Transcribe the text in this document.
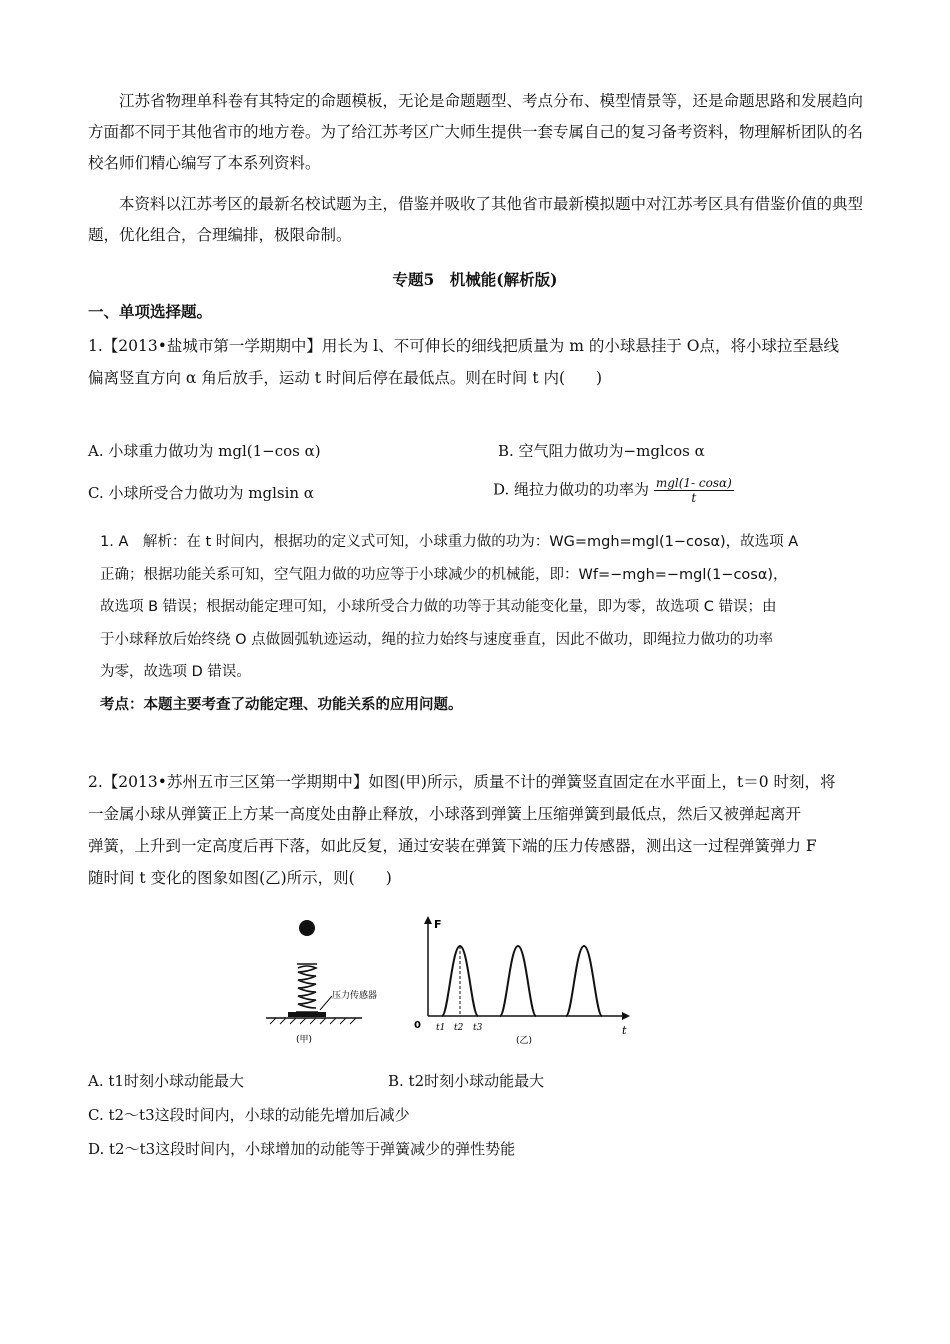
江苏省物理单科卷有其特定的命题模板，无论是命题题型、考点分布、模型情景等，还是命题思路和发展趋向方面都不同于其他省市的地方卷。为了给江苏考区广大师生提供一套专属自己的复习备考资料，物理解析团队的名校名师们精心编写了本系列资料。

本资料以江苏考区的最新名校试题为主，借鉴并吸收了其他省市最新模拟题中对江苏考区具有借鉴价值的典型题，优化组合，合理编排，极限命制。

专题5　机械能(解析版)
一、单项选择题。

1.【2013•盐城市第一学期期中】用长为 l、不可伸长的细线把质量为 m 的小球悬挂于 O点，将小球拉至悬线

偏离竖直方向 α 角后放手，运动 t 时间后停在最低点。则在时间 t 内(　　)

A. 小球重力做功为 mgl(1−cos α)	B. 空气阻力做功为−mglcos α
C. 小球所受合力做功为 mglsin α	D. 绳拉力做功的功率为 $\frac{\text{mgl(1- cosα)}}{t}$

1. A　解析：在 t 时间内，根据功的定义式可知，小球重力做的功为：WG=mgh=mgl(1−cosα)，故选项 A

正确；根据功能关系可知，空气阻力做的功应等于小球减少的机械能，即：Wf=−mgh=−mgl(1−cosα)，

故选项 B 错误；根据动能定理可知，小球所受合力做的功等于其动能变化量，即为零，故选项 C 错误；由

于小球释放后始终绕 O 点做圆弧轨迹运动，绳的拉力始终与速度垂直，因此不做功，即绳拉力做功的功率

为零，故选项 D 错误。

考点：本题主要考查了动能定理、功能关系的应用问题。

2.【2013•苏州五市三区第一学期期中】如图(甲)所示，质量不计的弹簧竖直固定在水平面上，t＝0 时刻，将

一金属小球从弹簧正上方某一高度处由静止释放，小球落到弹簧上压缩弹簧到最低点，然后又被弹起离开

弹簧，上升到一定高度后再下落，如此反复，通过安装在弹簧下端的压力传感器，测出这一过程弹簧弹力 F

随时间 t 变化的图象如图(乙)所示，则(　　)

压力传感器
(甲)
F
t
0 t1 t2 t3
(乙)
A. t1时刻小球动能最大	B. t2时刻小球动能最大
C. t2～t3这段时间内，小球的动能先增加后减少
D. t2～t3这段时间内，小球增加的动能等于弹簧减少的弹性势能
